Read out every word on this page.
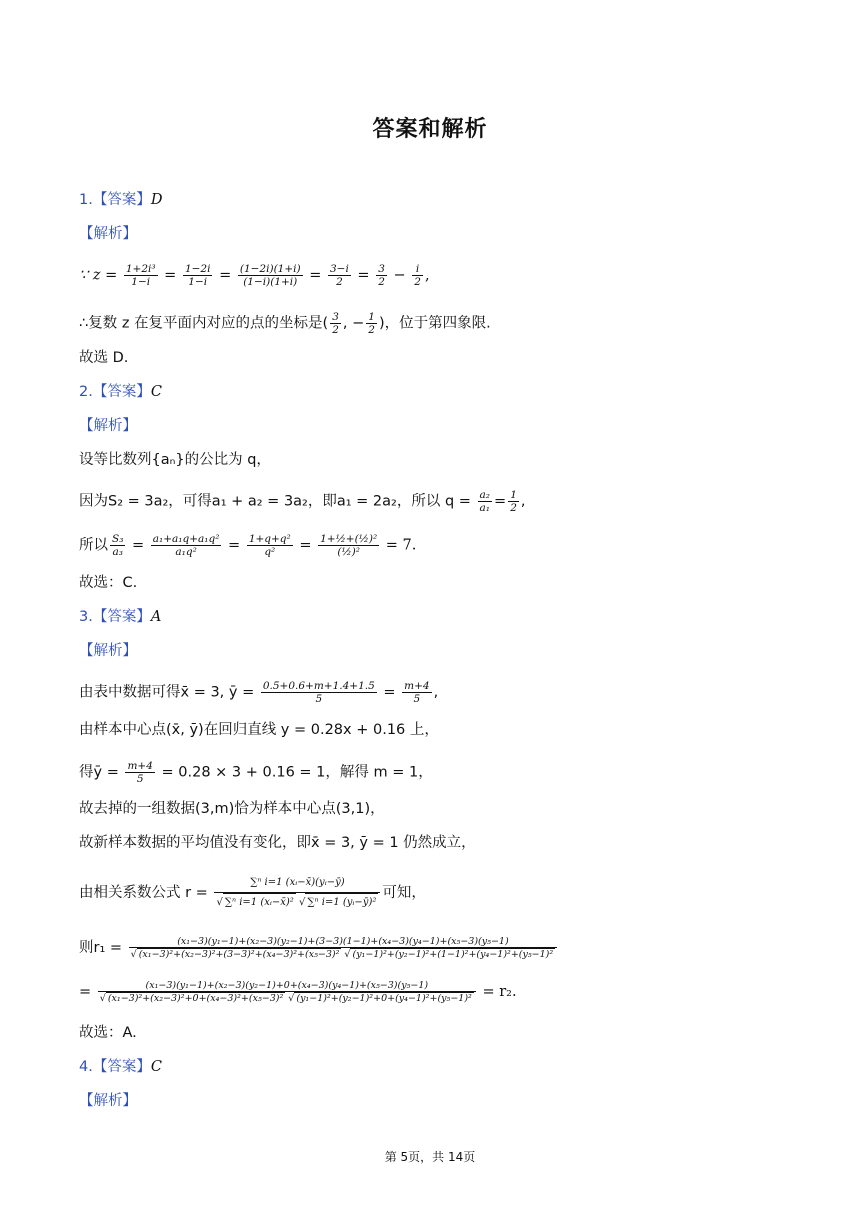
答案和解析
1.【答案】D
【解析】
∵ $z = \frac{\text{1+2i³}}{1-i} = \frac{1-2i}{1-i} = \frac{(1-2i)(1+i)}{(1-i)(1+i)} = \frac{3-i}{2} = \frac{3}{2} - \frac{i}{2}$ ,
∴复数 z 在复平面内对应的点的坐标是( $\frac{3}{2}$ , − $\frac{1}{2}$ )，位于第四象限.
故选 D.
2.【答案】C
【解析】
设等比数列{aₙ}的公比为 q，
因为S₂ = 3a₂，可得a₁ + a₂ = 3a₂，即a₁ = 2a₂，所以 $q = \frac{\text{a₂}}{\text{a₁}} = \frac{1}{2}$ ,
所以 $\frac{\text{S₃}}{\text{a₃}} = \frac{\text{a₁+a₁q+a₁q²}}{\text{a₁q²}} = \frac{\text{1+q+q²}}{\text{q²}} = \frac{\text{1+½+(½)²}}{\text{(½)²}} = 7$.
故选：C.
3.【答案】A
【解析】
由表中数据可得x̄ = 3, ȳ = $\frac{0.5+0.6+m+1.4+1.5}{5} = \frac{m+4}{5}$ ,
由样本中心点(x̄, ȳ)在回归直线 y = 0.28x + 0.16 上，
得ȳ = $\frac{m+4}{5} = 0.28 \times 3 + 0.16 = 1$，解得 m = 1，
故去掉的一组数据(3,m)恰为样本中心点(3,1)，
故新样本数据的平均值没有变化，即x̄ = 3, ȳ = 1 仍然成立，
由相关系数公式 $r = \frac{\text{∑ⁿ i=1 (xᵢ−x̄)(yᵢ−ȳ)}}{\text{√ ∑ⁿ i=1 (xᵢ−x̄)² √ ∑ⁿ i=1 (yᵢ−ȳ)²}}$ 可知，
则r₁ =	(x₁−3)(y₁−1)+(x₂−3)(y₂−1)+(3−3)(1−1)+(x₄−3)(y₄−1)+(x₅−3)(y₅−1)
√ (x₁−3)²+(x₂−3)²+(3−3)²+(x₄−3)²+(x₅−3)² √ (y₁−1)²+(y₂−1)²+(1−1)²+(y₄−1)²+(y₅−1)²
=	(x₁−3)(y₁−1)+(x₂−3)(y₂−1)+0+(x₄−3)(y₄−1)+(x₅−3)(y₅−1)
√ (x₁−3)²+(x₂−3)²+0+(x₄−3)²+(x₅−3)² √ (y₁−1)²+(y₂−1)²+0+(y₄−1)²+(y₅−1)² = r₂.
故选：A.
4.【答案】C
【解析】
第 5页，共 14页
